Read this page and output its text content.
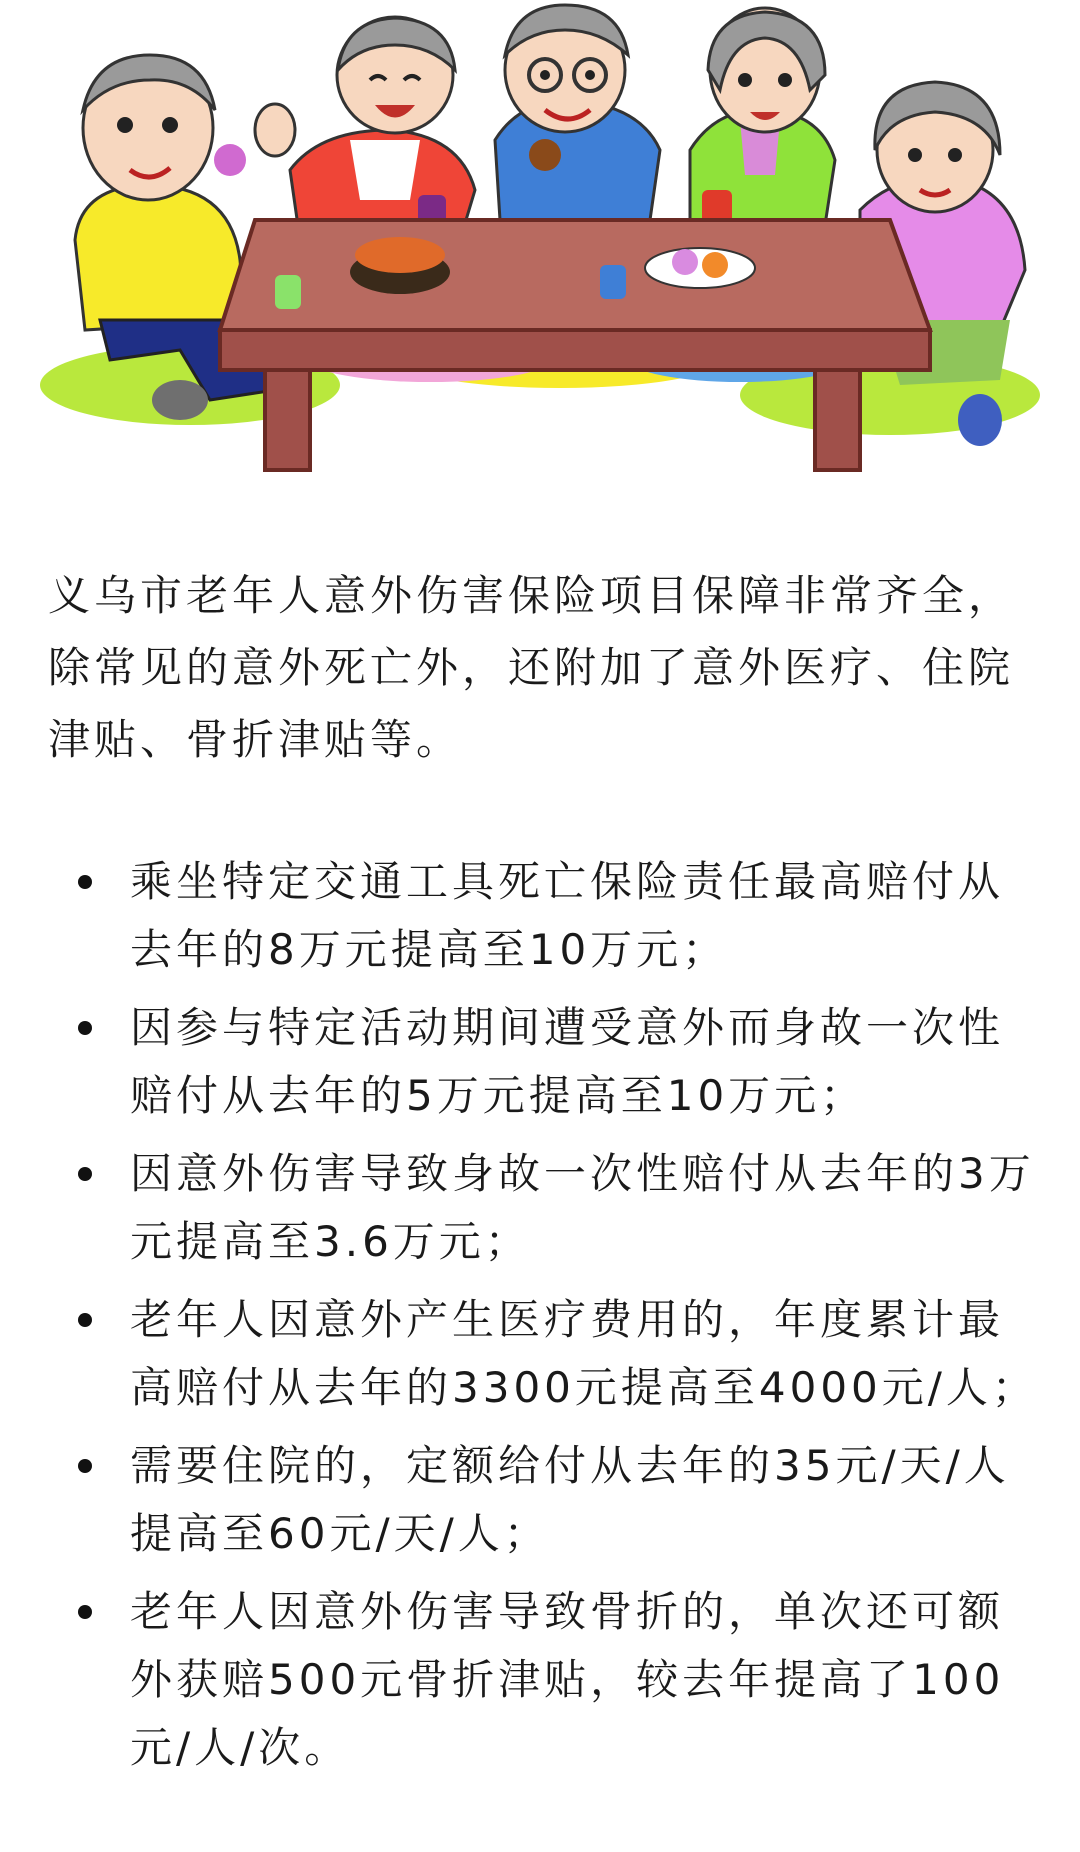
义乌市老年人意外伤害保险项目保障非常齐全，除常见的意外死亡外，还附加了意外医疗、住院津贴、骨折津贴等。

乘坐特定交通工具死亡保险责任最高赔付从去年的8万元提高至10万元；
因参与特定活动期间遭受意外而身故一次性赔付从去年的5万元提高至10万元；
因意外伤害导致身故一次性赔付从去年的3万元提高至3.6万元；
老年人因意外产生医疗费用的，年度累计最高赔付从去年的3300元提高至4000元/人；
需要住院的，定额给付从去年的35元/天/人提高至60元/天/人；
老年人因意外伤害导致骨折的，单次还可额外获赔500元骨折津贴，较去年提高了100元/人/次。
